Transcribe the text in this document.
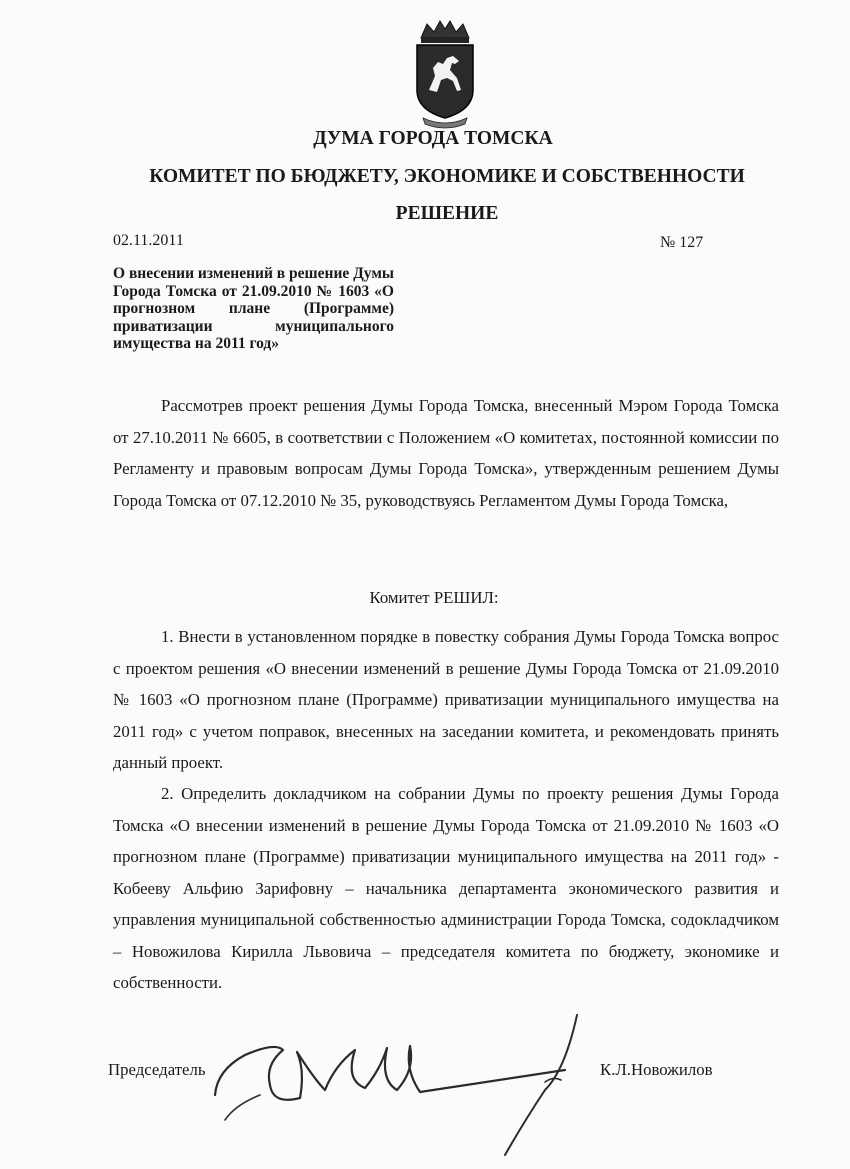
ДУМА ГОРОДА ТОМСКА
КОМИТЕТ ПО БЮДЖЕТУ, ЭКОНОМИКЕ И СОБСТВЕННОСТИ
РЕШЕНИЕ
02.11.2011	№ 127

О внесении изменений в решение Думы Города Томска от 21.09.2010 № 1603 «О прогнозном плане (Программе) приватизации муниципального имущества на 2011 год»

Рассмотрев проект решения Думы Города Томска, внесенный Мэром Города Томска от 27.10.2011 № 6605, в соответствии с Положением «О комитетах, постоянной комиссии по Регламенту и правовым вопросам Думы Города Томска», утвержденным решением Думы Города Томска от 07.12.2010 № 35, руководствуясь Регламентом Думы Города Томска,

Комитет РЕШИЛ:

1. Внести в установленном порядке в повестку собрания Думы Города Томска вопрос с проектом решения «О внесении изменений в решение Думы Города Томска от 21.09.2010 № 1603 «О прогнозном плане (Программе) приватизации муниципального имущества на 2011 год» с учетом поправок, внесенных на заседании комитета, и рекомендовать принять данный проект.

2. Определить докладчиком на собрании Думы по проекту решения Думы Города Томска «О внесении изменений в решение Думы Города Томска от 21.09.2010 № 1603 «О прогнозном плане (Программе) приватизации муниципального имущества на 2011 год» - Кобееву Альфию Зарифовну – начальника департамента экономического развития и управления муниципальной собственностью администрации Города Томска, содокладчиком – Новожилова Кирилла Львовича – председателя комитета по бюджету, экономике и собственности.

Председатель	К.Л.Новожилов
